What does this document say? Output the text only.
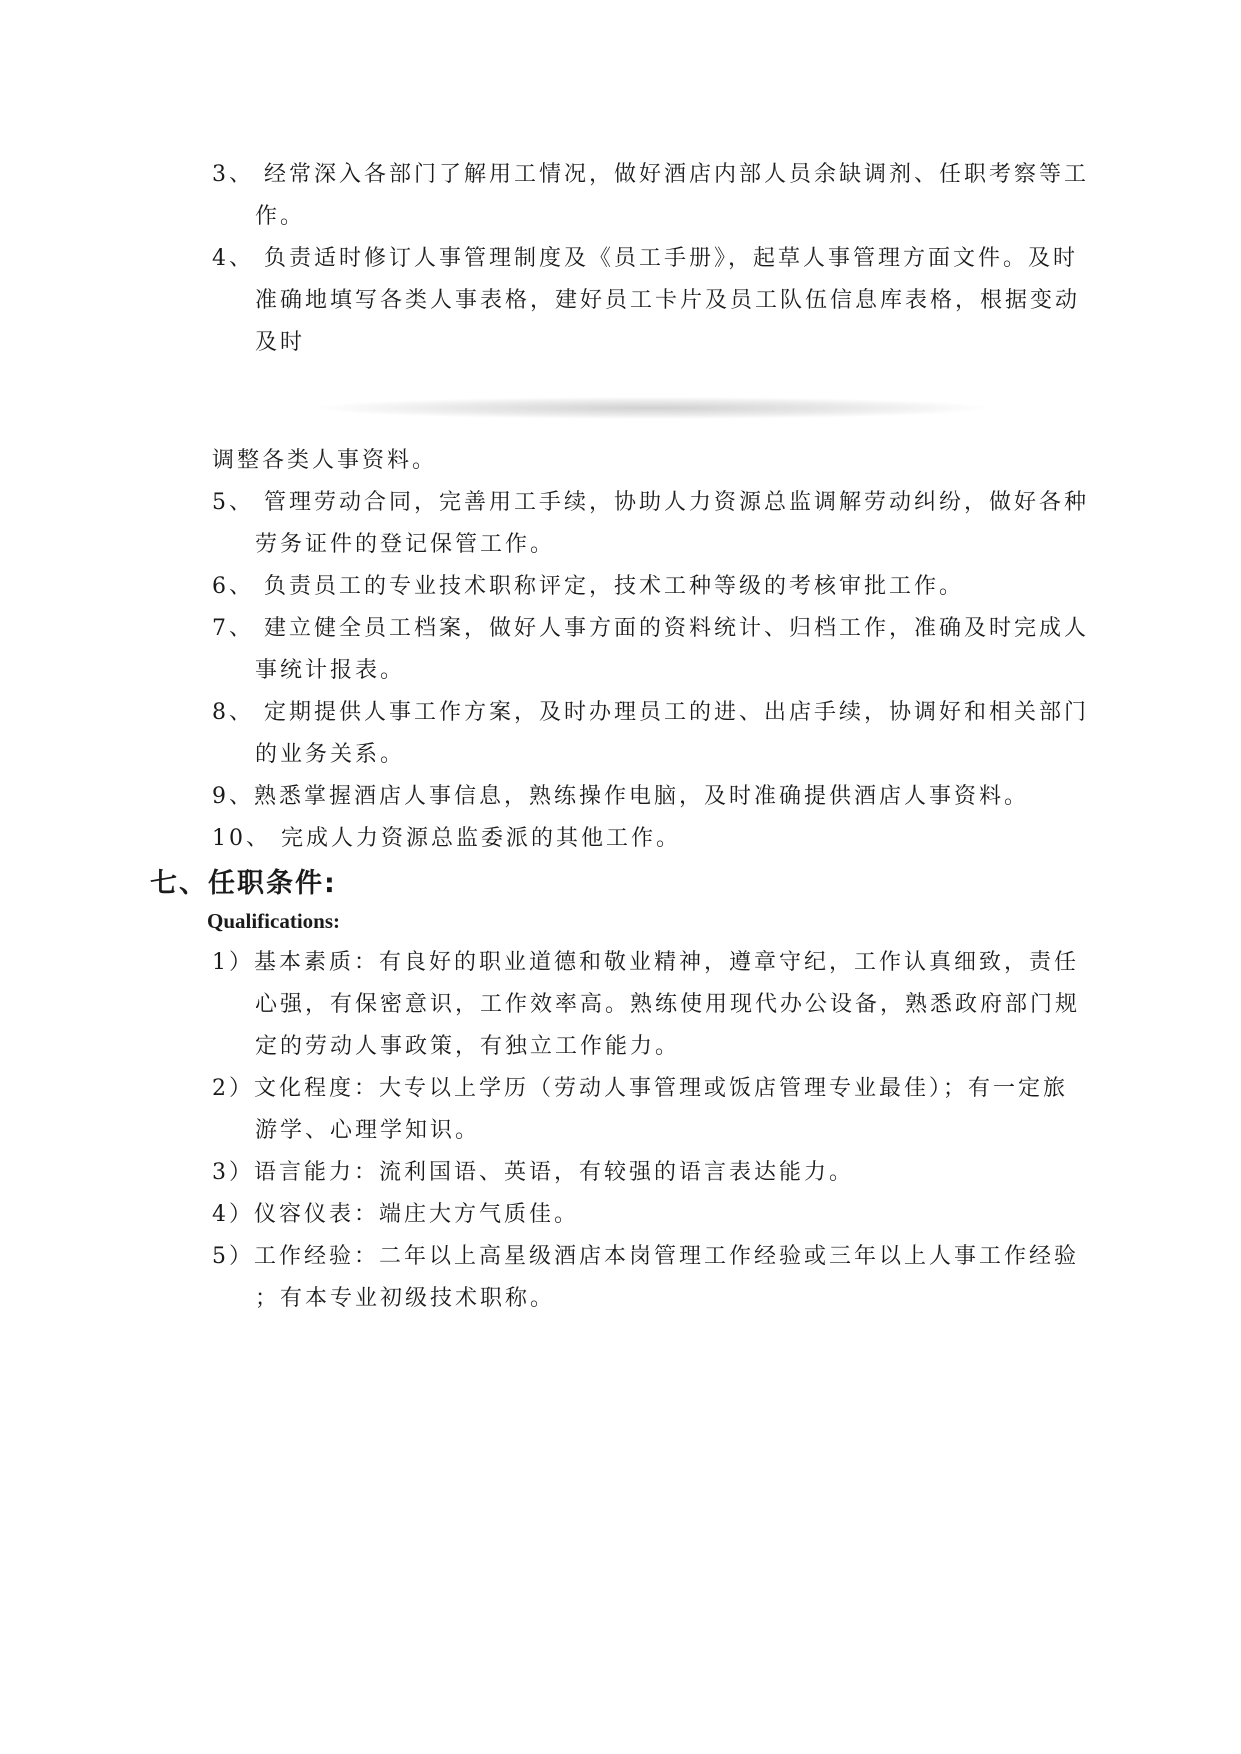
3、 经常深入各部门了解用工情况，做好酒店内部人员余缺调剂、任职考察等工
作。
4、 负责适时修订人事管理制度及《员工手册》，起草人事管理方面文件。及时
准确地填写各类人事表格，建好员工卡片及员工队伍信息库表格，根据变动
及时
调整各类人事资料。
5、 管理劳动合同，完善用工手续，协助人力资源总监调解劳动纠纷，做好各种
劳务证件的登记保管工作。
6、 负责员工的专业技术职称评定，技术工种等级的考核审批工作。
7、 建立健全员工档案，做好人事方面的资料统计、归档工作，准确及时完成人
事统计报表。
8、 定期提供人事工作方案，及时办理员工的进、出店手续，协调好和相关部门
的业务关系。
9、熟悉掌握酒店人事信息，熟练操作电脑，及时准确提供酒店人事资料。
10、 完成人力资源总监委派的其他工作。
七、任职条件:
Qualifications:
1）基本素质：有良好的职业道德和敬业精神，遵章守纪，工作认真细致，责任
心强，有保密意识，工作效率高。熟练使用现代办公设备，熟悉政府部门规
定的劳动人事政策，有独立工作能力。
2）文化程度：大专以上学历（劳动人事管理或饭店管理专业最佳）；有一定旅
游学、心理学知识。
3）语言能力：流利国语、英语，有较强的语言表达能力。
4）仪容仪表：端庄大方气质佳。
5）工作经验：二年以上高星级酒店本岗管理工作经验或三年以上人事工作经验
；有本专业初级技术职称。
